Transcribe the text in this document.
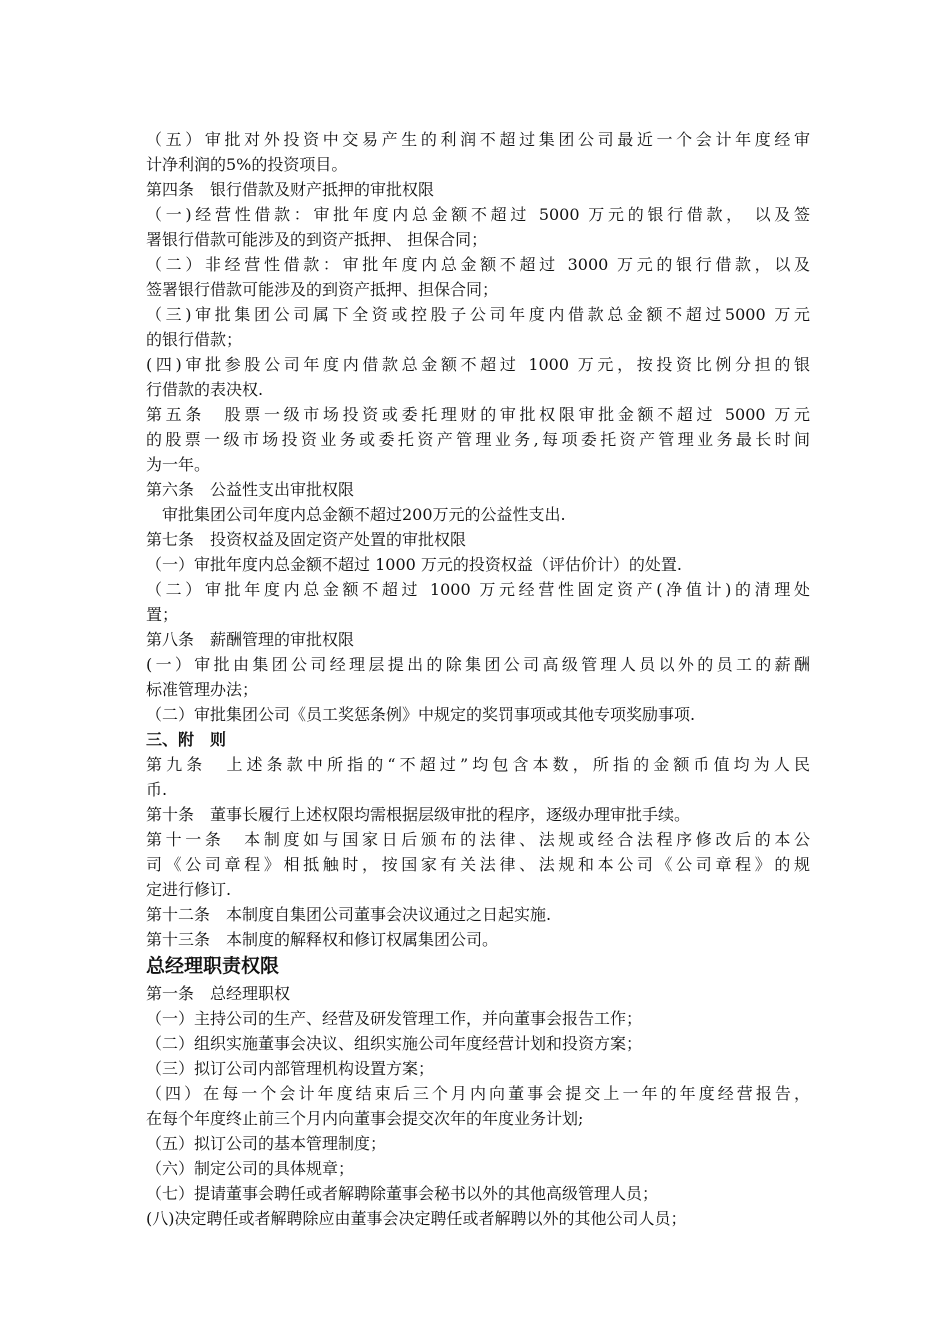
（五）审批对外投资中交易产生的利润不超过集团公司最近一个会计年度经审
计净利润的5%的投资项目。
第四条　银行借款及财产抵押的审批权限
（一)经营性借款：审批年度内总金额不超过 5000 万元的银行借款， 以及签
署银行借款可能涉及的到资产抵押、 担保合同；
（二）非经营性借款：审批年度内总金额不超过 3000 万元的银行借款，以及
签署银行借款可能涉及的到资产抵押、担保合同；
（三)审批集团公司属下全资或控股子公司年度内借款总金额不超过5000 万元
的银行借款；
(四)审批参股公司年度内借款总金额不超过 1000 万元，按投资比例分担的银
行借款的表决权.
第五条　股票一级市场投资或委托理财的审批权限审批金额不超过 5000 万元
的股票一级市场投资业务或委托资产管理业务,每项委托资产管理业务最长时间
为一年。
第六条　公益性支出审批权限
　审批集团公司年度内总金额不超过200万元的公益性支出.
第七条　投资权益及固定资产处置的审批权限
（一）审批年度内总金额不超过 1000 万元的投资权益（评估价计）的处置.
（二）审批年度内总金额不超过 1000 万元经营性固定资产(净值计)的清理处
置；
第八条　薪酬管理的审批权限
(一）审批由集团公司经理层提出的除集团公司高级管理人员以外的员工的薪酬
标准管理办法；
（二）审批集团公司《员工奖惩条例》中规定的奖罚事项或其他专项奖励事项.
三、附　则
第九条　上述条款中所指的“不超过”均包含本数，所指的金额币值均为人民
币.
第十条　董事长履行上述权限均需根据层级审批的程序，逐级办理审批手续。
第十一条　本制度如与国家日后颁布的法律、法规或经合法程序修改后的本公
司《公司章程》相抵触时，按国家有关法律、法规和本公司《公司章程》的规
定进行修订.
第十二条　本制度自集团公司董事会决议通过之日起实施.
第十三条　本制度的解释权和修订权属集团公司。
总经理职责权限
第一条　总经理职权
（一）主持公司的生产、经营及研发管理工作，并向董事会报告工作；
（二）组织实施董事会决议、组织实施公司年度经营计划和投资方案；
（三）拟订公司内部管理机构设置方案；
（四）在每一个会计年度结束后三个月内向董事会提交上一年的年度经营报告，
在每个年度终止前三个月内向董事会提交次年的年度业务计划;
（五）拟订公司的基本管理制度；
（六）制定公司的具体规章；
（七）提请董事会聘任或者解聘除董事会秘书以外的其他高级管理人员；
(八)决定聘任或者解聘除应由董事会决定聘任或者解聘以外的其他公司人员；
